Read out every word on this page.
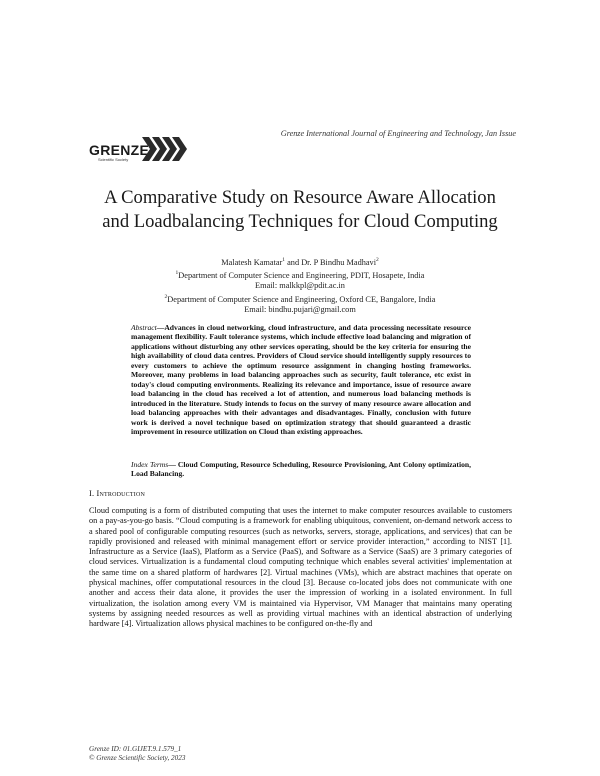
Grenze International Journal of Engineering and Technology, Jan Issue
GRENZE
Scientific Society
A Comparative Study on Resource Aware Allocation
and Loadbalancing Techniques for Cloud Computing
Malatesh Kamatar$^1$ and Dr. P Bindhu Madhavi$^2$
$^1$Department of Computer Science and Engineering, PDIT, Hosapete, India
Email: malkkpl@pdit.ac.in
$^2$Department of Computer Science and Engineering, Oxford CE, Bangalore, India
Email: bindhu.pujari@gmail.com
Abstract—Advances in cloud networking, cloud infrastructure, and data processing necessitate resource management flexibility. Fault tolerance systems, which include effective load balancing and migration of applications without disturbing any other services operating, should be the key criteria for ensuring the high availability of cloud data centres. Providers of Cloud service should intelligently supply resources to every customers to achieve the optimum resource assignment in changing hosting frameworks. Moreover, many problems in load balancing approaches such as security, fault tolerance, etc exist in today's cloud computing environments. Realizing its relevance and importance, issue of resource aware load balancing in the cloud has received a lot of attention, and numerous load balancing methods is introduced in the literature. Study intends to focus on the survey of many resource aware allocation and load balancing approaches with their advantages and disadvantages. Finally, conclusion with future work is derived a novel technique based on optimization strategy that should guaranteed a drastic improvement in resource utilization on Cloud than existing approaches.
Index Terms— Cloud Computing, Resource Scheduling, Resource Provisioning, Ant Colony optimization, Load Balancing.
I. Introduction
Cloud computing is a form of distributed computing that uses the internet to make computer resources available to customers on a pay-as-you-go basis. “Cloud computing is a framework for enabling ubiquitous, convenient, on-demand network access to a shared pool of configurable computing resources (such as networks, servers, storage, applications, and services) that can be rapidly provisioned and released with minimal management effort or service provider interaction,” according to NIST [1]. Infrastructure as a Service (IaaS), Platform as a Service (PaaS), and Software as a Service (SaaS) are 3 primary categories of cloud services. Virtualization is a fundamental cloud computing technique which enables several activities' implementation at the same time on a shared platform of hardwares [2]. Virtual machines (VMs), which are abstract machines that operate on physical machines, offer computational resources in the cloud [3]. Because co-located jobs does not communicate with one another and access their data alone, it provides the user the impression of working in a isolated environment. In full virtualization, the isolation among every VM is maintained via Hypervisor, VM Manager that maintains many operating systems by assigning needed resources as well as providing virtual machines with an identical abstraction of underlying hardware [4]. Virtualization allows physical machines to be configured on-the-fly and
Grenze ID: 01.GIJET.9.1.579_1
© Grenze Scientific Society, 2023
